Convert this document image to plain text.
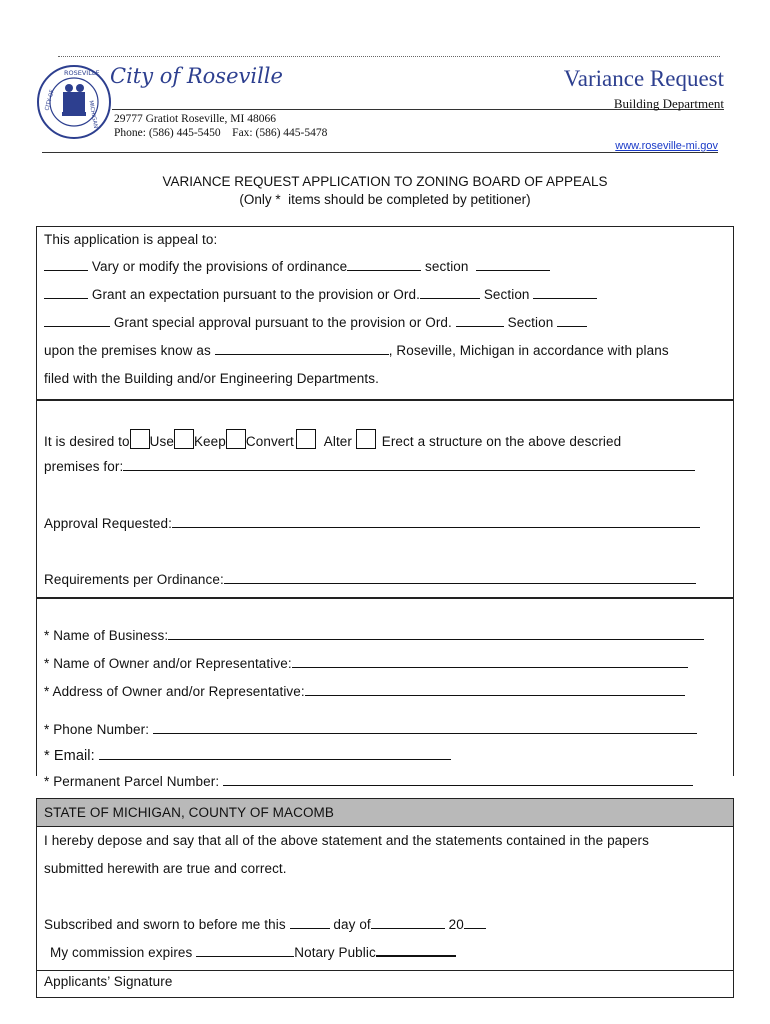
ROSEVILLE
MICHIGAN
CITY OF
City of Roseville
29777 Gratiot Roseville, MI 48066
Phone: (586) 445-5450    Fax: (586) 445-5478
Variance Request
Building Department
www.roseville-mi.gov
VARIANCE REQUEST APPLICATION TO ZONING BOARD OF APPEALS
(Only *  items should be completed by petitioner)
This application is appeal to:
Vary or modify the provisions of ordinance	section
Grant an expectation pursuant to the provision or Ord.	Section
Grant special approval pursuant to the provision or Ord.	Section
upon the premises know as	, Roseville, Michigan in accordance with plans
filed with the Building and/or Engineering Departments.
It is desired to Use Keep Convert Alter Erect a structure on the above descried
premises for:
Approval Requested:
Requirements per Ordinance:
* Name of Business:
* Name of Owner and/or Representative:
* Address of Owner and/or Representative:
* Phone Number:
* Email:
* Permanent Parcel Number:
STATE OF MICHIGAN, COUNTY OF MACOMB
I hereby depose and say that all of the above statement and the statements contained in the papers
submitted herewith are true and correct.
Subscribed and sworn to before me this	day of	20
My commission expires	Notary Public
Applicants’ Signature
